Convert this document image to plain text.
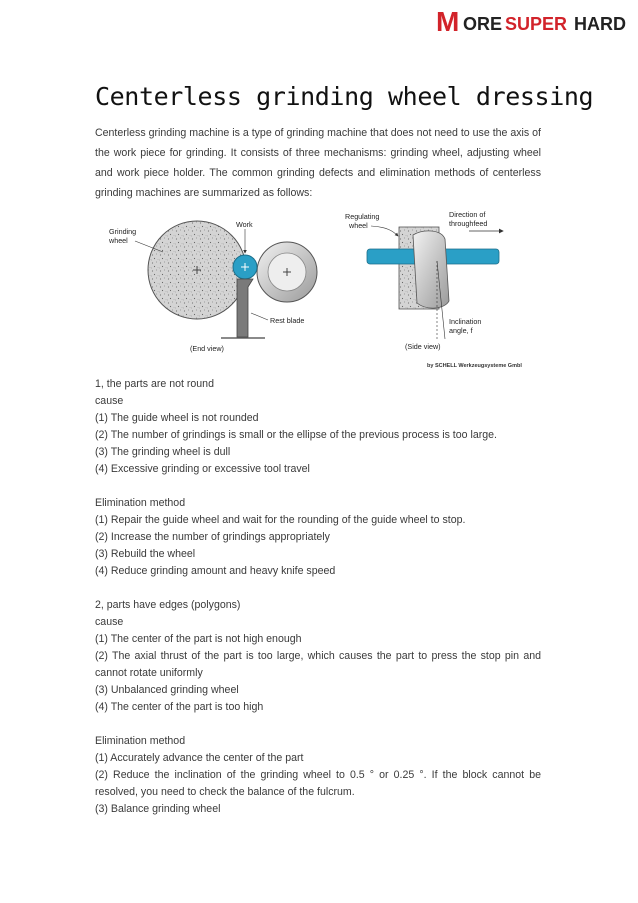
M ORE SUPER HARD
Centerless grinding wheel dressing

Centerless grinding machine is a type of grinding machine that does not need to use the axis of the work piece for grinding. It consists of three mechanisms: grinding wheel, adjusting wheel and work piece holder. The common grinding defects and elimination methods of centerless grinding machines are summarized as follows:

Grinding
wheel
Work
Rest blade
(End view)
Regulating
wheel
Direction of
throughfeed
Inclination
angle, f
(Side view)
by SCHELL Werkzeugsysteme Gmbl

1, the parts are not round

cause

(1) The guide wheel is not rounded

(2) The number of grindings is small or the ellipse of the previous process is too large.

(3) The grinding wheel is dull

(4) Excessive grinding or excessive tool travel

Elimination method

(1) Repair the guide wheel and wait for the rounding of the guide wheel to stop.

(2) Increase the number of grindings appropriately

(3) Rebuild the wheel

(4) Reduce grinding amount and heavy knife speed

2, parts have edges (polygons)

cause

(1) The center of the part is not high enough

(2) The axial thrust of the part is too large, which causes the part to press the stop pin and cannot rotate uniformly

(3) Unbalanced grinding wheel

(4) The center of the part is too high

Elimination method

(1) Accurately advance the center of the part

(2) Reduce the inclination of the grinding wheel to 0.5 ° or 0.25 °. If the block cannot be resolved, you need to check the balance of the fulcrum.

(3) Balance grinding wheel
